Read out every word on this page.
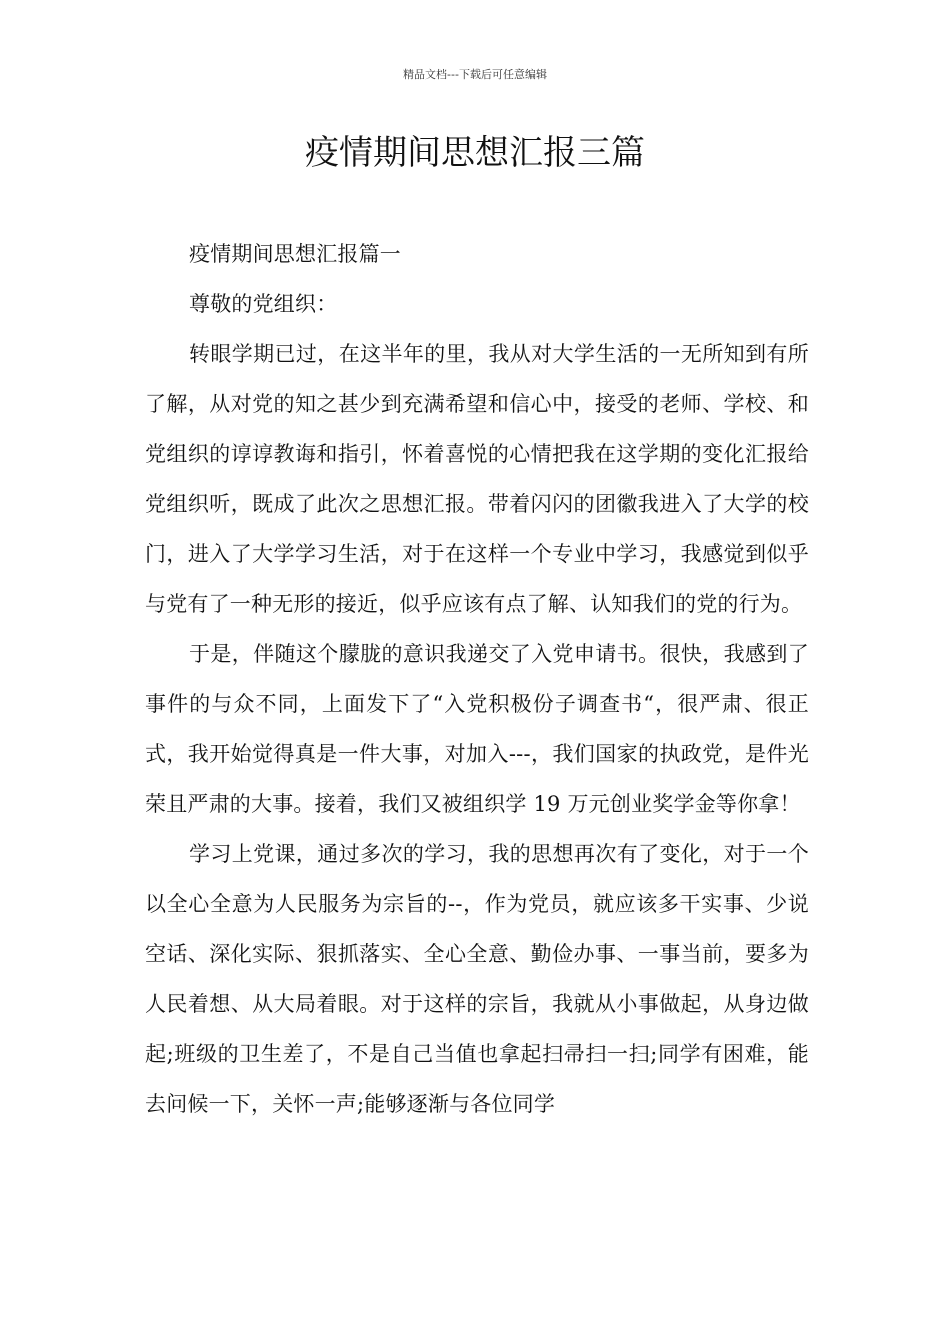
精品文档---下载后可任意编辑
疫情期间思想汇报三篇

疫情期间思想汇报篇一

尊敬的党组织：

转眼学期已过，在这半年的里，我从对大学生活的一无所知到有所了解，从对党的知之甚少到充满希望和信心中，接受的老师、学校、和党组织的谆谆教诲和指引，怀着喜悦的心情把我在这学期的变化汇报给党组织听，既成了此次之思想汇报。带着闪闪的团徽我进入了大学的校门，进入了大学学习生活，对于在这样一个专业中学习，我感觉到似乎与党有了一种无形的接近，似乎应该有点了解、认知我们的党的行为。

于是，伴随这个朦胧的意识我递交了入党申请书。很快，我感到了事件的与众不同，上面发下了“入党积极份子调查书“，很严肃、很正式，我开始觉得真是一件大事，对加入---，我们国家的执政党，是件光荣且严肃的大事。接着，我们又被组织学 19 万元创业奖学金等你拿！

学习上党课，通过多次的学习，我的思想再次有了变化，对于一个以全心全意为人民服务为宗旨的--，作为党员，就应该多干实事、少说空话、深化实际、狠抓落实、全心全意、勤俭办事、一事当前，要多为人民着想、从大局着眼。对于这样的宗旨，我就从小事做起，从身边做起;班级的卫生差了，不是自己当值也拿起扫帚扫一扫;同学有困难，能去问候一下，关怀一声;能够逐渐与各位同学
